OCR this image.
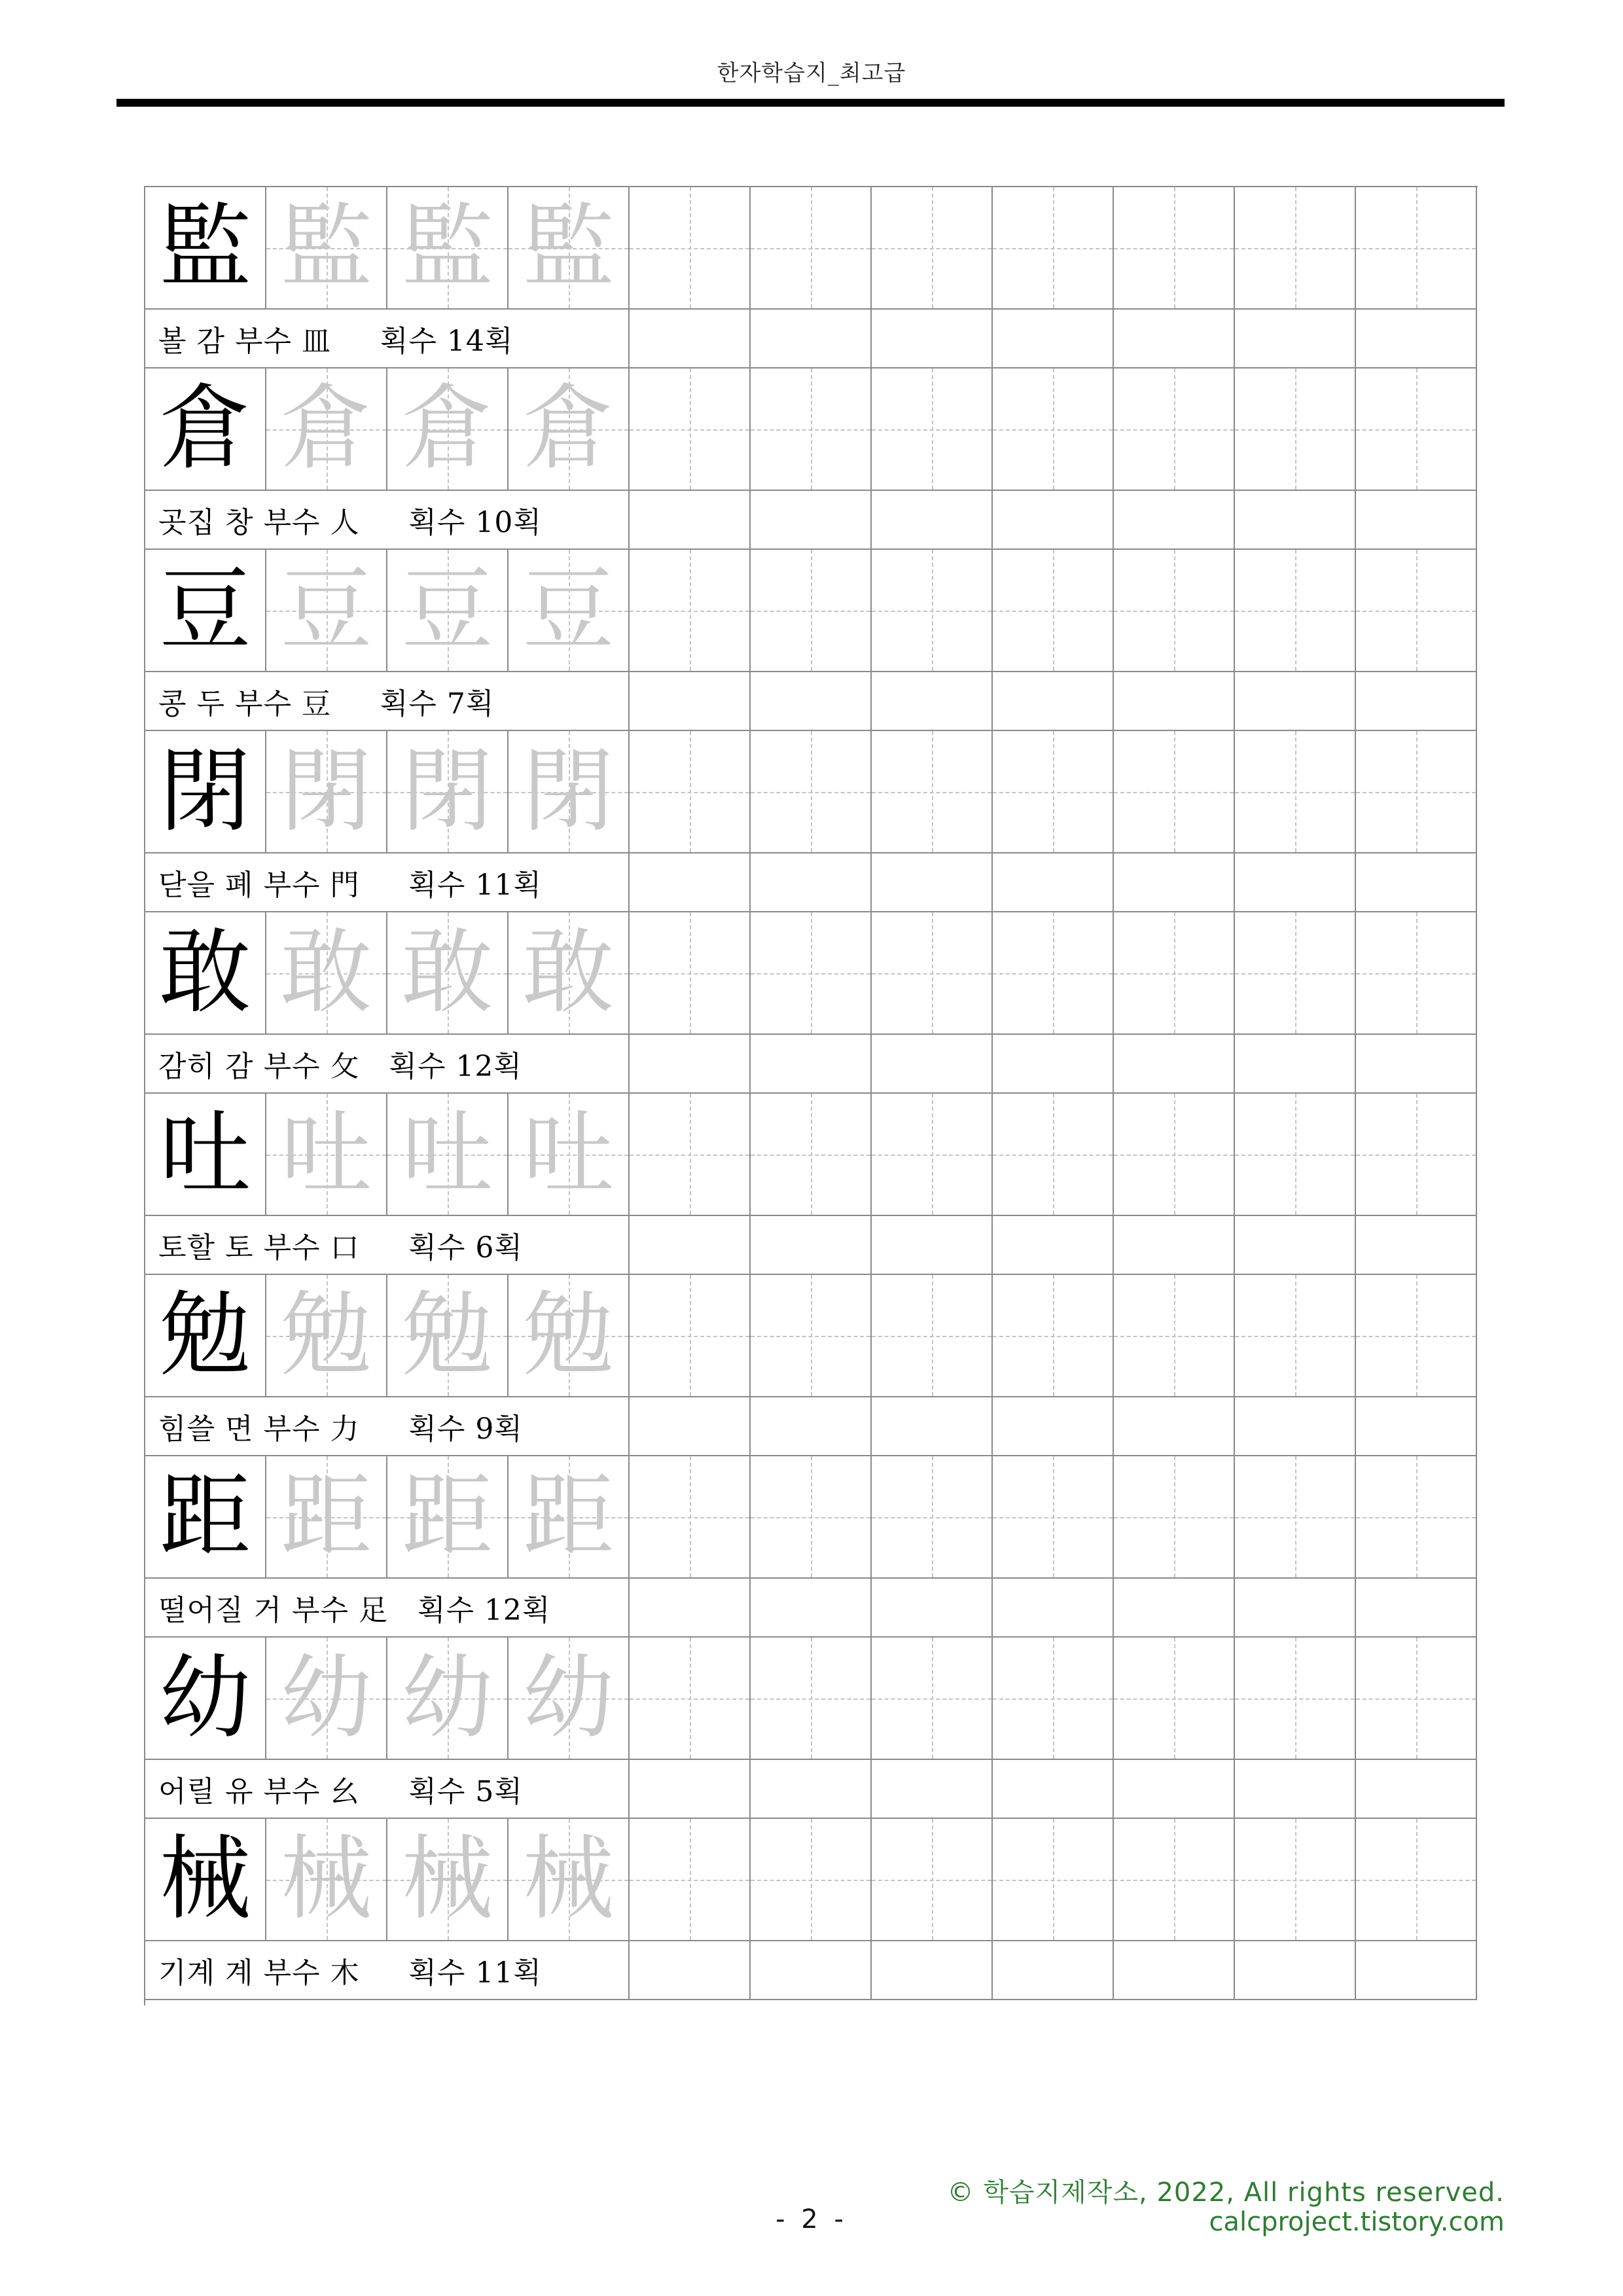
한자학습지_최고급
監 監 監 監
볼 감 부수 皿     획수 14획
倉 倉 倉 倉
곳집 창 부수 人     획수 10획
豆 豆 豆 豆
콩 두 부수 豆     획수 7획
閉 閉 閉 閉
닫을 폐 부수 門     획수 11획
敢 敢 敢 敢
감히 감 부수 攵   획수 12획
吐 吐 吐 吐
토할 토 부수 口     획수 6획
勉 勉 勉 勉
힘쓸 면 부수 力     획수 9획
距 距 距 距
떨어질 거 부수 足   획수 12획
幼 幼 幼 幼
어릴 유 부수 幺     획수 5획
械 械 械 械
기계 계 부수 木     획수 11획
© 학습지제작소, 2022, All rights reserved.
calcproject.tistory.com
- 2 -
